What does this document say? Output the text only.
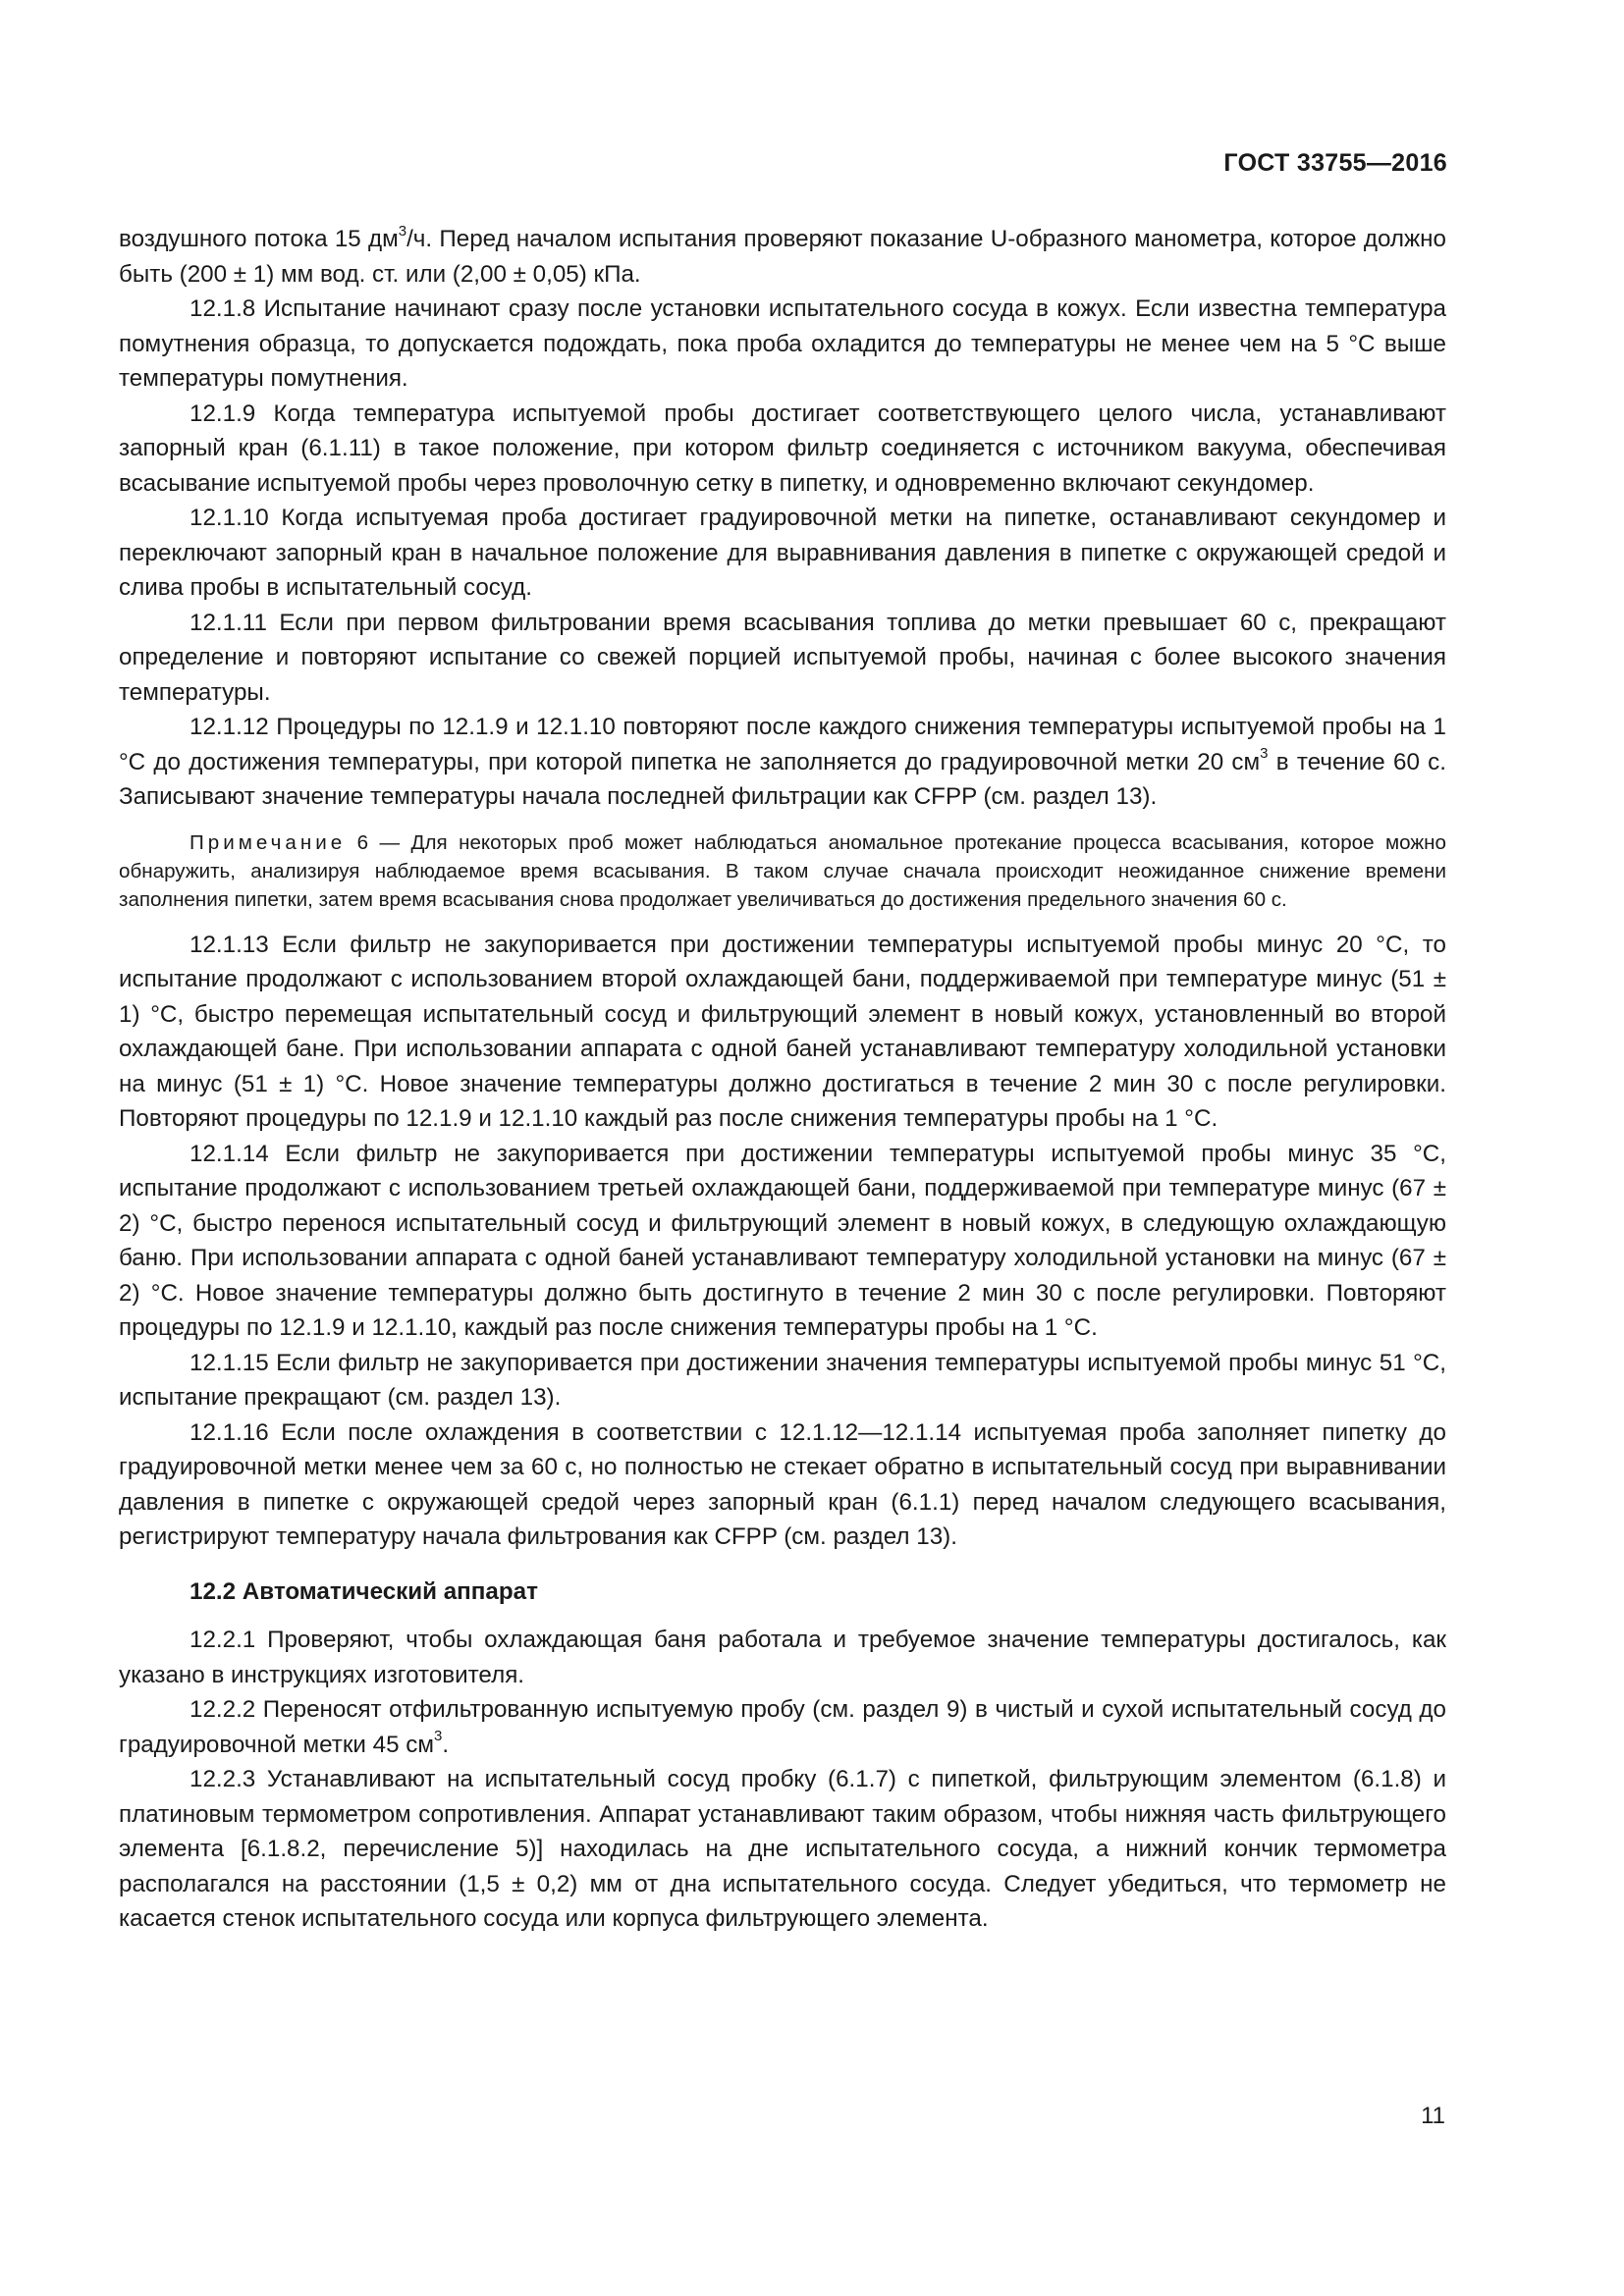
ГОСТ 33755—2016

воздушного потока 15 $дм^3/ч$. Перед началом испытания проверяют показание U-образного манометра, которое должно быть (200 ± 1) мм вод. ст. или (2,00 ± 0,05) кПа.

12.1.8 Испытание начинают сразу после установки испытательного сосуда в кожух. Если известна температура помутнения образца, то допускается подождать, пока проба охладится до температуры не менее чем на 5 °С выше температуры помутнения.

12.1.9 Когда температура испытуемой пробы достигает соответствующего целого числа, устанавливают запорный кран (6.1.11) в такое положение, при котором фильтр соединяется с источником вакуума, обеспечивая всасывание испытуемой пробы через проволочную сетку в пипетку, и одновременно включают секундомер.

12.1.10 Когда испытуемая проба достигает градуировочной метки на пипетке, останавливают секундомер и переключают запорный кран в начальное положение для выравнивания давления в пипетке с окружающей средой и слива пробы в испытательный сосуд.

12.1.11 Если при первом фильтровании время всасывания топлива до метки превышает 60 с, прекращают определение и повторяют испытание со свежей порцией испытуемой пробы, начиная с более высокого значения температуры.

12.1.12 Процедуры по 12.1.9 и 12.1.10 повторяют после каждого снижения температуры испытуемой пробы на 1 °С до достижения температуры, при которой пипетка не заполняется до градуировочной метки 20 $см^3$ в течение 60 с. Записывают значение температуры начала последней фильтрации как CFPP (см. раздел 13).

Примечание 6 — Для некоторых проб может наблюдаться аномальное протекание процесса всасывания, которое можно обнаружить, анализируя наблюдаемое время всасывания. В таком случае сначала происходит неожиданное снижение времени заполнения пипетки, затем время всасывания снова продолжает увеличиваться до достижения предельного значения 60 с.

12.1.13 Если фильтр не закупоривается при достижении температуры испытуемой пробы минус 20 °С, то испытание продолжают с использованием второй охлаждающей бани, поддерживаемой при температуре минус (51 ± 1) °С, быстро перемещая испытательный сосуд и фильтрующий элемент в новый кожух, установленный во второй охлаждающей бане. При использовании аппарата с одной баней устанавливают температуру холодильной установки на минус (51 ± 1) °С. Новое значение температуры должно достигаться в течение 2 мин 30 с после регулировки. Повторяют процедуры по 12.1.9 и 12.1.10 каждый раз после снижения температуры пробы на 1 °С.

12.1.14 Если фильтр не закупоривается при достижении температуры испытуемой пробы минус 35 °С, испытание продолжают с использованием третьей охлаждающей бани, поддерживаемой при температуре минус (67 ± 2) °С, быстро перенося испытательный сосуд и фильтрующий элемент в новый кожух, в следующую охлаждающую баню. При использовании аппарата с одной баней устанавливают температуру холодильной установки на минус (67 ± 2) °С. Новое значение температуры должно быть достигнуто в течение 2 мин 30 с после регулировки. Повторяют процедуры по 12.1.9 и 12.1.10, каждый раз после снижения температуры пробы на 1 °С.

12.1.15 Если фильтр не закупоривается при достижении значения температуры испытуемой пробы минус 51 °С, испытание прекращают (см. раздел 13).

12.1.16 Если после охлаждения в соответствии с 12.1.12—12.1.14 испытуемая проба заполняет пипетку до градуировочной метки менее чем за 60 с, но полностью не стекает обратно в испытательный сосуд при выравнивании давления в пипетке с окружающей средой через запорный кран (6.1.1) перед началом следующего всасывания, регистрируют температуру начала фильтрования как CFPP (см. раздел 13).

12.2 Автоматический аппарат

12.2.1 Проверяют, чтобы охлаждающая баня работала и требуемое значение температуры достигалось, как указано в инструкциях изготовителя.

12.2.2 Переносят отфильтрованную испытуемую пробу (см. раздел 9) в чистый и сухой испытательный сосуд до градуировочной метки 45 $см^3$.

12.2.3 Устанавливают на испытательный сосуд пробку (6.1.7) с пипеткой, фильтрующим элементом (6.1.8) и платиновым термометром сопротивления. Аппарат устанавливают таким образом, чтобы нижняя часть фильтрующего элемента [6.1.8.2, перечисление 5)] находилась на дне испытательного сосуда, а нижний кончик термометра располагался на расстоянии (1,5 ± 0,2) мм от дна испытательного сосуда. Следует убедиться, что термометр не касается стенок испытательного сосуда или корпуса фильтрующего элемента.

11
